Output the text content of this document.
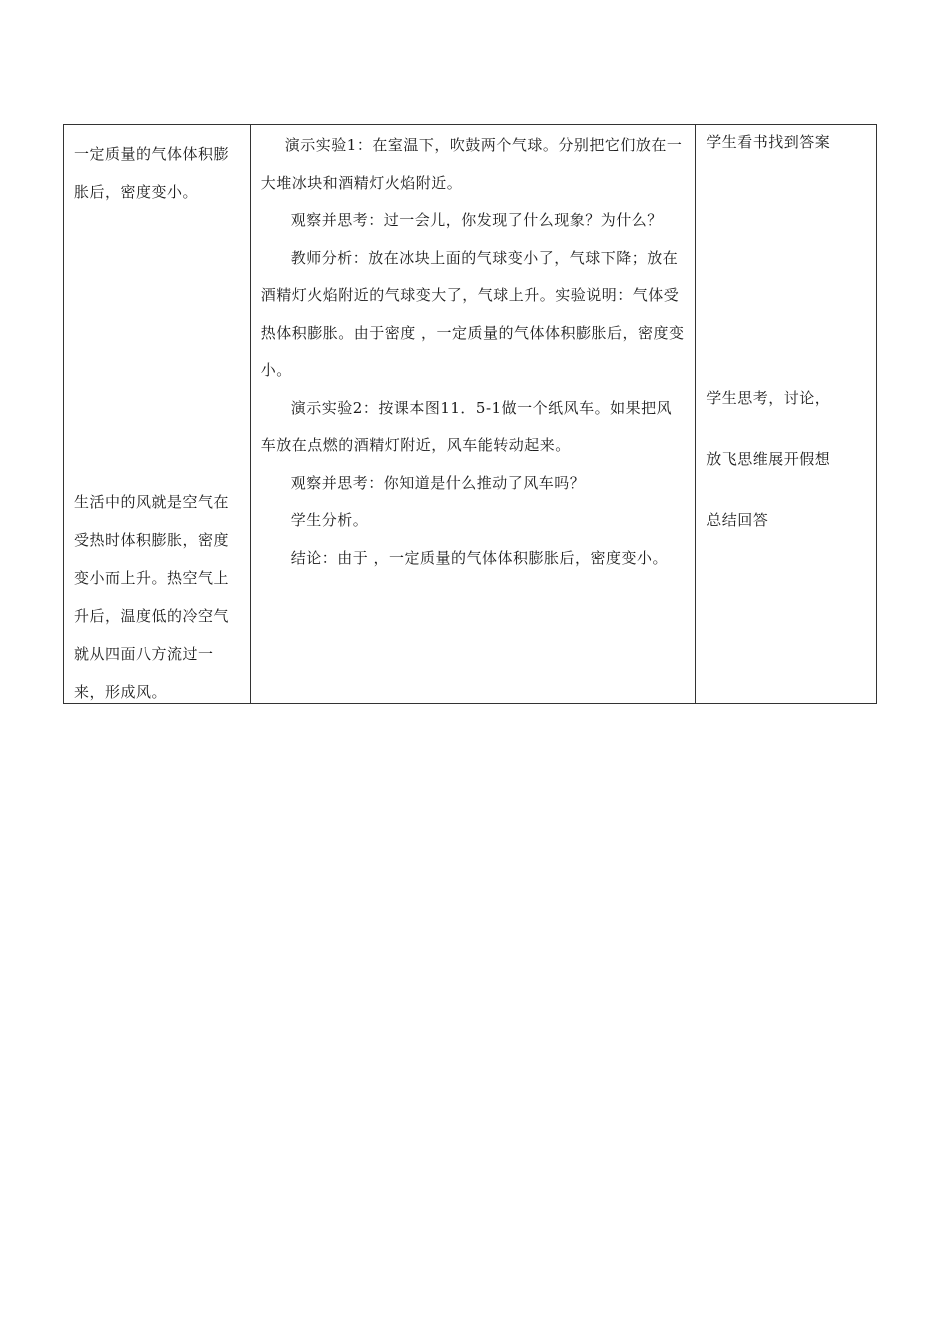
一定质量的气体体积膨胀后，密度变小。

生活中的风就是空气在受热时体积膨胀，密度变小而上升。热空气上升后，温度低的冷空气就从四面八方流过一来，形成风。

演示实验1：在室温下，吹鼓两个气球。分别把它们放在一大堆冰块和酒精灯火焰附近。

观察并思考：过一会儿，你发现了什么现象？为什么？

教师分析：放在冰块上面的气球变小了，气球下降；放在酒精灯火焰附近的气球变大了，气球上升。实验说明：气体受热体积膨胀。由于密度 ，一定质量的气体体积膨胀后，密度变小。

演示实验2：按课本图11．5-1做一个纸风车。如果把风车放在点燃的酒精灯附近，风车能转动起来。

观察并思考：你知道是什么推动了风车吗？

学生分析。

结论：由于 ，一定质量的气体体积膨胀后，密度变小。

学生看书找到答案

学生思考，讨论，

放飞思维展开假想

总结回答
